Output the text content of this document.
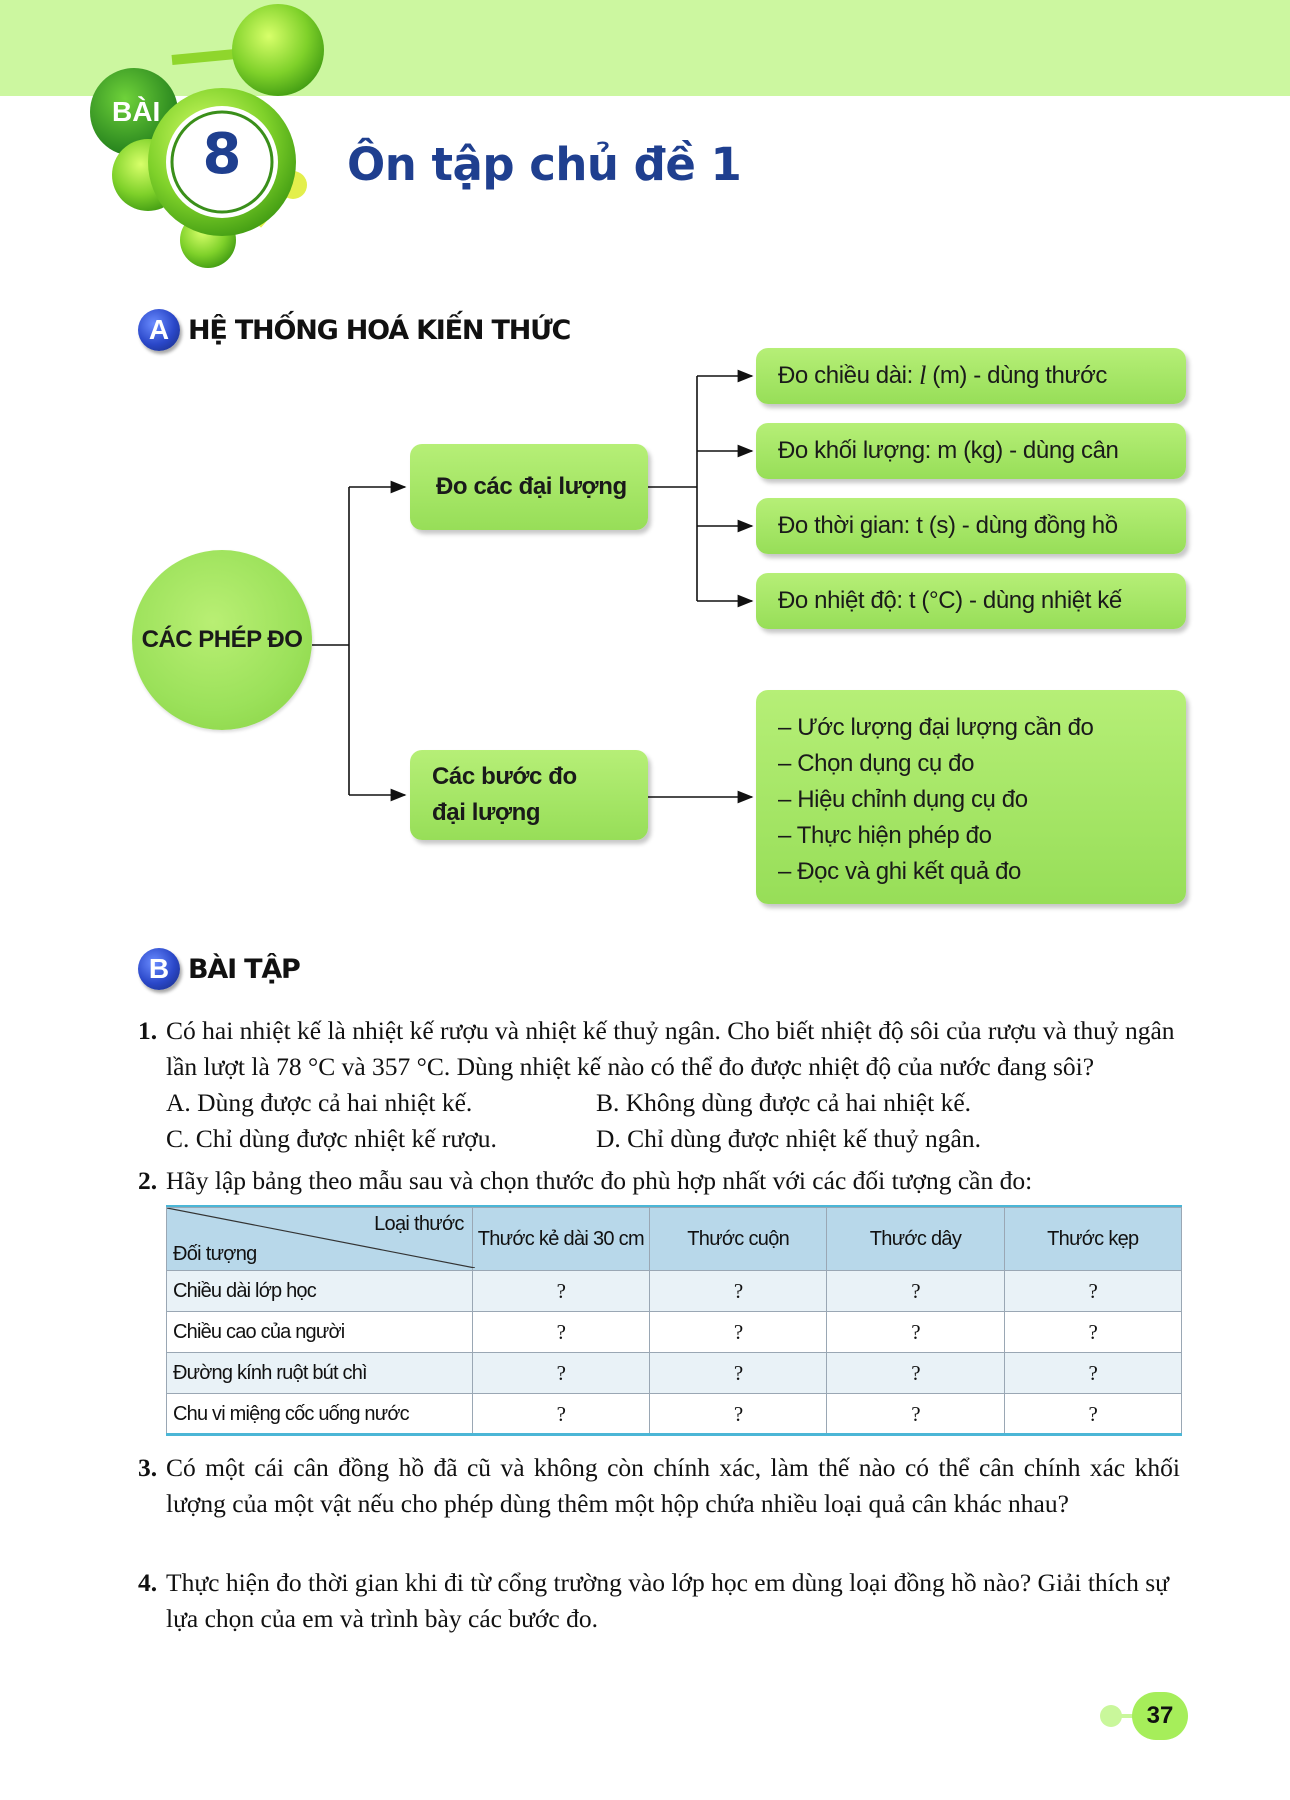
BÀI
8	Ôn tập chủ đề 1
A HỆ THỐNG HOÁ KIẾN THỨC
CÁC PHÉP ĐO
Đo các đại lượng
Đo chiều dài: l (m) - dùng thước
Đo khối lượng: m (kg) - dùng cân
Đo thời gian: t (s) - dùng đồng hồ
Đo nhiệt độ: t (°C) - dùng nhiệt kế
Các bước đo
đại lượng
– Ước lượng đại lượng cần đo
– Chọn dụng cụ đo
– Hiệu chỉnh dụng cụ đo
– Thực hiện phép đo
– Đọc và ghi kết quả đo
B BÀI TẬP
1. Có hai nhiệt kế là nhiệt kế rượu và nhiệt kế thuỷ ngân. Cho biết nhiệt độ sôi của rượu và thuỷ ngân lần lượt là 78 °C và 357 °C. Dùng nhiệt kế nào có thể đo được nhiệt độ của nước đang sôi?
A. Dùng được cả hai nhiệt kế.	B. Không dùng được cả hai nhiệt kế.
C. Chỉ dùng được nhiệt kế rượu.	D. Chỉ dùng được nhiệt kế thuỷ ngân.
2. Hãy lập bảng theo mẫu sau và chọn thước đo phù hợp nhất với các đối tượng cần đo:
Loại thước
Đối tượng	Thước kẻ dài 30 cm	Thước cuộn	Thước dây	Thước kẹp
Chiều dài lớp học	?	?	?	?
Chiều cao của người	?	?	?	?
Đường kính ruột bút chì	?	?	?	?
Chu vi miệng cốc uống nước	?	?	?	?
3. Có một cái cân đồng hồ đã cũ và không còn chính xác, làm thế nào có thể cân chính xác khối lượng của một vật nếu cho phép dùng thêm một hộp chứa nhiều loại quả cân khác nhau?
4. Thực hiện đo thời gian khi đi từ cổng trường vào lớp học em dùng loại đồng hồ nào? Giải thích sự lựa chọn của em và trình bày các bước đo.
37
